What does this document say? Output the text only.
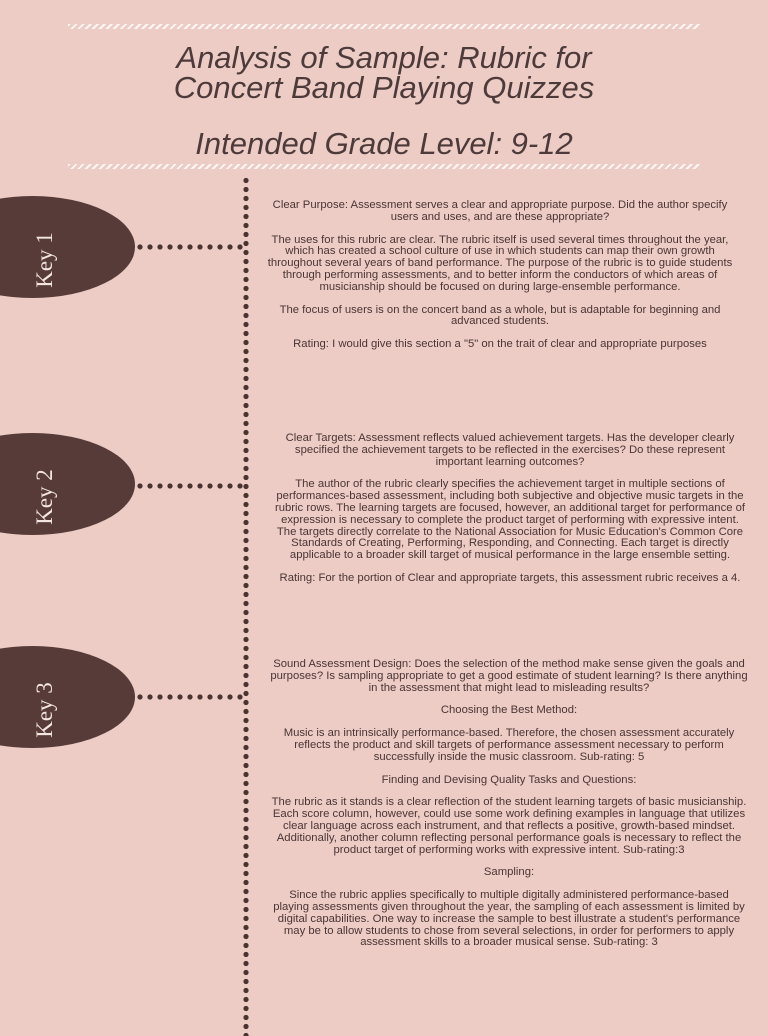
Analysis of Sample: Rubric for
Concert Band Playing Quizzes
Intended Grade Level: 9-12

Clear Purpose: Assessment serves a clear and appropriate purpose. Did the author specify users and uses, and are these appropriate?

The uses for this rubric are clear. The rubric itself is used several times throughout the year, which has created a school culture of use in which students can map their own growth throughout several years of band performance. The purpose of the rubric is to guide students through performing assessments, and to better inform the conductors of which areas of musicianship should be focused on during large-ensemble performance.

The focus of users is on the concert band as a whole, but is adaptable for beginning and advanced students.

Rating: I would give this section a "5" on the trait of clear and appropriate purposes

Clear Targets: Assessment reflects valued achievement targets. Has the developer clearly specified the achievement targets to be reflected in the exercises? Do these represent important learning outcomes?

The author of the rubric clearly specifies the achievement target in multiple sections of performances-based assessment, including both subjective and objective music targets in the rubric rows. The learning targets are focused, however, an additional target for performance of expression is necessary to complete the product target of performing with expressive intent. The targets directly correlate to the National Association for Music Education's Common Core Standards of Creating, Performing, Responding, and Connecting. Each target is directly applicable to a broader skill target of musical performance in the large ensemble setting.

Rating: For the portion of Clear and appropriate targets, this assessment rubric receives a 4.

Sound Assessment Design: Does the selection of the method make sense given the goals and purposes? Is sampling appropriate to get a good estimate of student learning? Is there anything in the assessment that might lead to misleading results?

Choosing the Best Method:

Music is an intrinsically performance-based. Therefore, the chosen assessment accurately reflects the product and skill targets of performance assessment necessary to perform successfully inside the music classroom. Sub-rating: 5

Finding and Devising Quality Tasks and Questions:

The rubric as it stands is a clear reflection of the student learning targets of basic musicianship. Each score column, however, could use some work defining examples in language that utilizes clear language across each instrument, and that reflects a positive, growth-based mindset. Additionally, another column reflecting personal performance goals is necessary to reflect the product target of performing works with expressive intent. Sub-rating:3

Sampling:

Since the rubric applies specifically to multiple digitally administered performance-based playing assessments given throughout the year, the sampling of each assessment is limited by digital capabilities. One way to increase the sample to best illustrate a student's performance may be to allow students to chose from several selections, in order for performers to apply assessment skills to a broader musical sense. Sub-rating: 3
